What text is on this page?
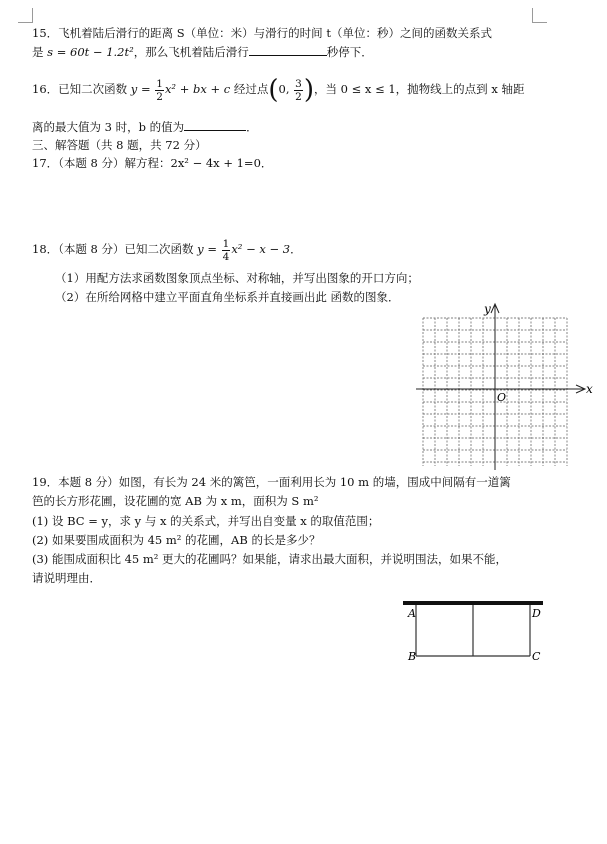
15．飞机着陆后滑行的距离 S（单位：米）与滑行的时间 t（单位：秒）之间的函数关系式
是 s = 60t − 1.2t²，那么飞机着陆后滑行	秒停下．
16．已知二次函数 $y = \frac{1}{2} x^2$ + bx + c 经过点(0, $\frac{3}{2}$ )，当 0 ≤ x ≤ 1，抛物线上的点到 x 轴距
离的最大值为 3 时，b 的值为	．
三、解答题（共 8 题，共 72 分）
17．（本题 8 分）解方程：2x² − 4x + 1=0．
18．（本题 8 分）已知二次函数 $y = \frac{1}{4} x^2 - x - 3$．
（1）用配方法求函数图象顶点坐标、对称轴，并写出图象的开口方向；
（2）在所给网格中建立平面直角坐标系并直接画出此 函数的图象．
x
y
O
19．本题 8 分）如图，有长为 24 米的篱笆，一面利用长为 10 m 的墙，围成中间隔有一道篱
笆的长方形花圃，设花圃的宽 AB 为 x m，面积为 S m²
(1) 设 BC = y，求 y 与 x 的关系式，并写出自变量 x 的取值范围；
(2) 如果要围成面积为 45 m² 的花圃，AB 的长是多少？
(3) 能围成面积比 45 m² 更大的花圃吗？如果能，请求出最大面积，并说明围法，如果不能，
请说明理由．
A
B	C
D
